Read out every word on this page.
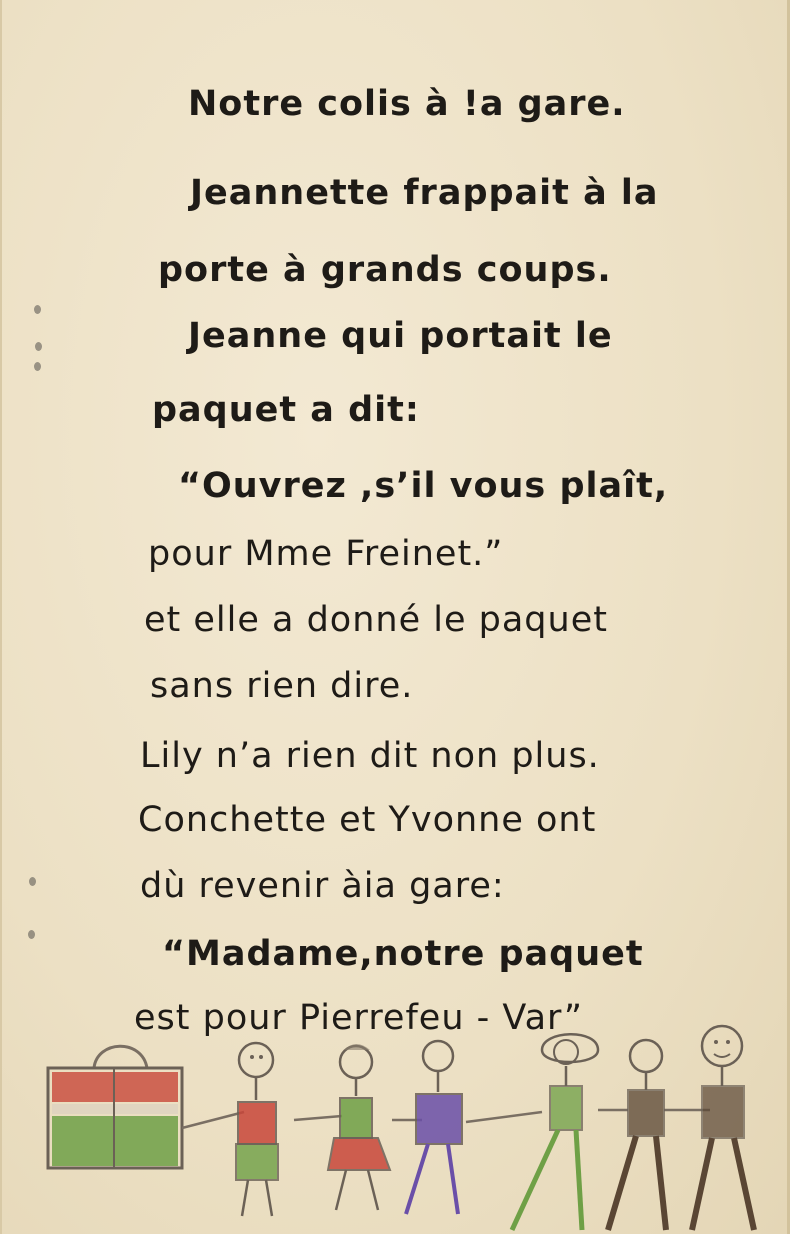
Notre colis à !a gare.
Jeannette frappait à la
porte à grands coups.
Jeanne qui portait le
paquet a dit:
“Ouvrez ,s’il vous plaît,
pour Mme Freinet.”
et elle a donné le paquet
sans rien dire.
Lily n’a rien dit non plus.
Conchette et Yvonne ont
dù revenir àia gare:
“Madame,notre paquet
est pour Pierrefeu - Var”
